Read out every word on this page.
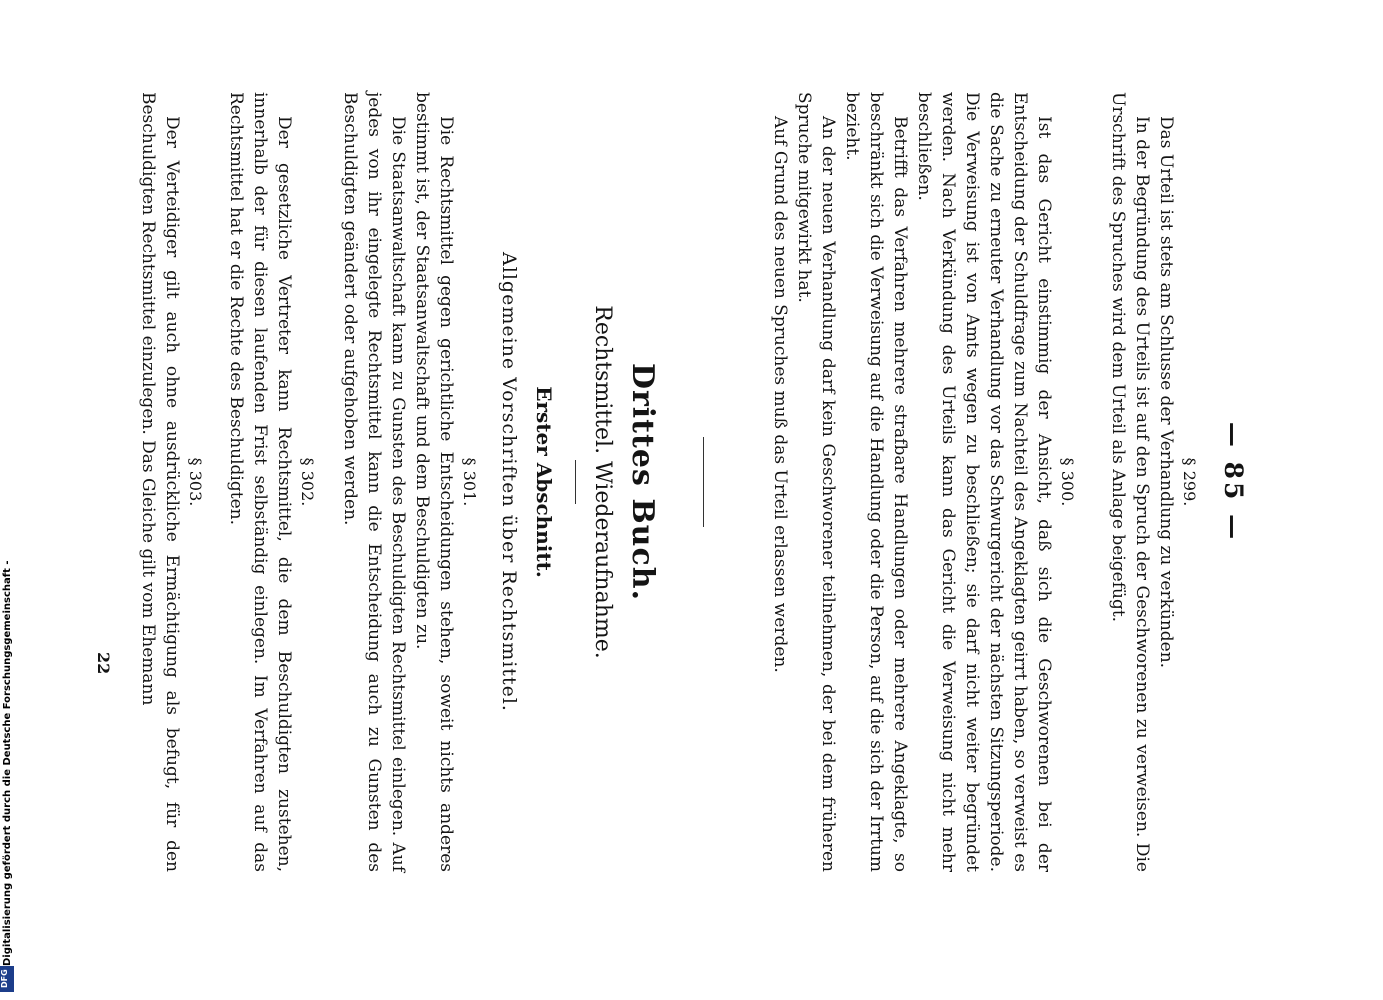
— 85 —
§ 299.

Das Urteil ist stets am Schlusse der Verhandlung zu verkünden.

In der Begründung des Urteils ist auf den Spruch der Geschworenen zu verweisen. Die Urschrift des Spruches wird dem Urteil als Anlage beigefügt.

§ 300.

Ist das Gericht einstimmig der Ansicht, daß sich die Geschworenen bei der Entscheidung der Schuldfrage zum Nachteil des Angeklagten geirrt haben, so verweist es die Sache zu erneuter Verhandlung vor das Schwurgericht der nächsten Sitzungsperiode. Die Verweisung ist von Amts wegen zu beschließen; sie darf nicht weiter begründet werden. Nach Verkündung des Urteils kann das Gericht die Verweisung nicht mehr beschließen.

Betrifft das Verfahren mehrere strafbare Handlungen oder mehrere Angeklagte, so beschränkt sich die Verweisung auf die Handlung oder die Person, auf die sich der Irrtum bezieht.

An der neuen Verhandlung darf kein Geschworener teilnehmen, der bei dem früheren Spruche mitgewirkt hat.

Auf Grund des neuen Spruches muß das Urteil erlassen werden.

Drittes Buch.
Rechtsmittel. Wiederaufnahme.
Erster Abschnitt.
Allgemeine Vorschriften über Rechtsmittel.
§ 301.

Die Rechtsmittel gegen gerichtliche Entscheidungen stehen, soweit nichts anderes bestimmt ist, der Staatsanwaltschaft und dem Beschuldigten zu.

Die Staatsanwaltschaft kann zu Gunsten des Beschuldigten Rechtsmittel einlegen. Auf jedes von ihr eingelegte Rechtsmittel kann die Entscheidung auch zu Gunsten des Beschuldigten geändert oder aufgehoben werden.

§ 302.

Der gesetzliche Vertreter kann Rechtsmittel, die dem Beschuldigten zustehen, innerhalb der für diesen laufenden Frist selbständig einlegen. Im Verfahren auf das Rechtsmittel hat er die Rechte des Beschuldigten.

§ 303.

Der Verteidiger gilt auch ohne ausdrückliche Ermächtigung als befugt, für den Beschuldigten Rechtsmittel einzulegen. Das Gleiche gilt vom Ehemann

22
Digitalisierung gefördert durch die Deutsche Forschungsgemeinschaft -
DFG
